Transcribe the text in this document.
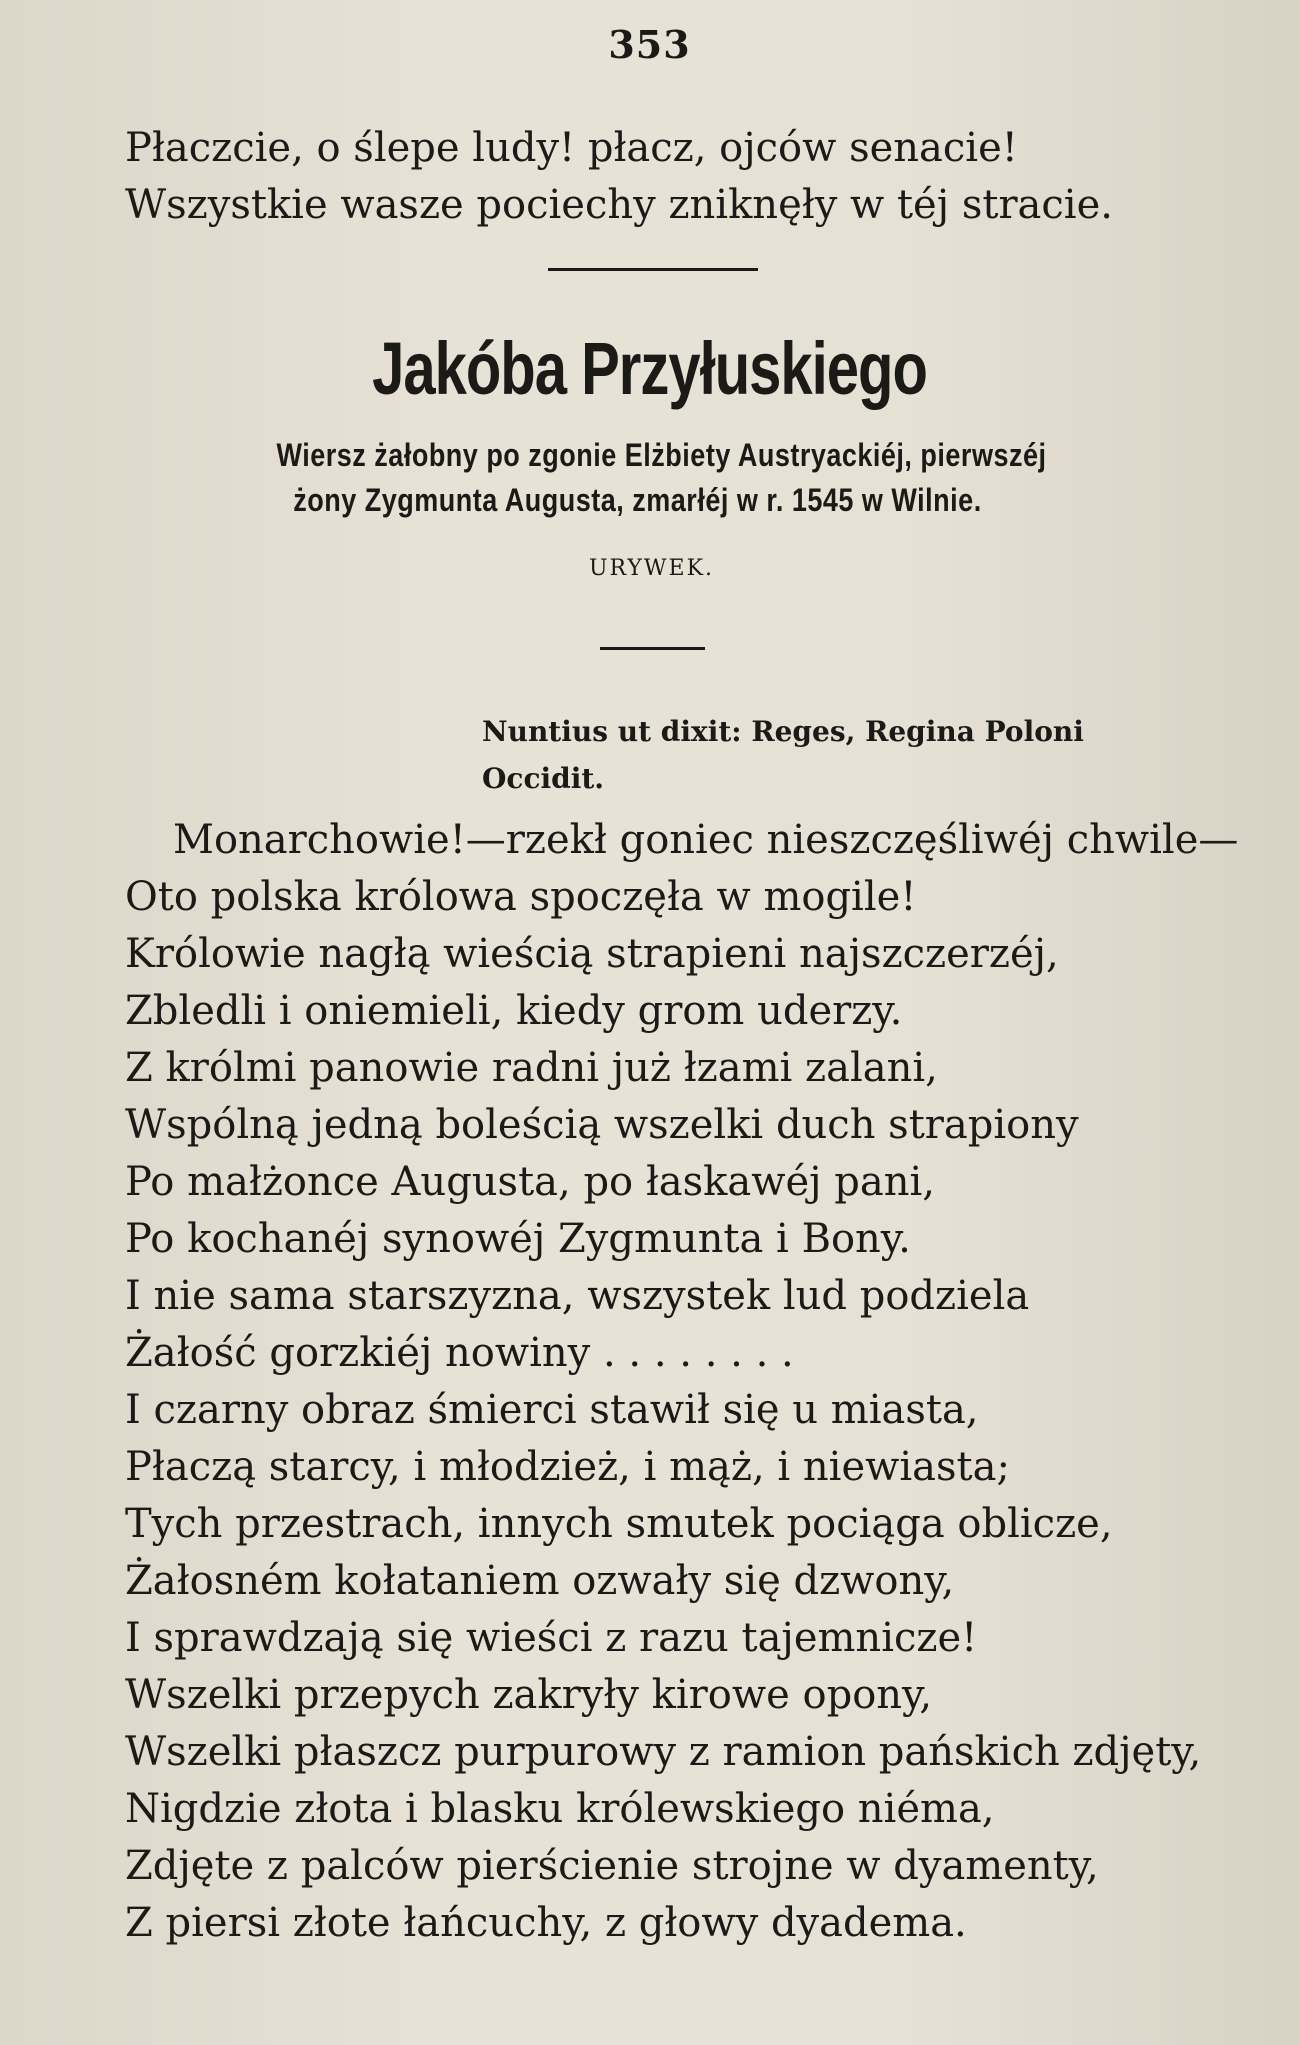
353
Płaczcie, o ślepe ludy! płacz, ojców senacie!
Wszystkie wasze pociechy zniknęły w téj stracie.
Jakóba Przyłuskiego
Wiersz żałobny po zgonie Elżbiety Austryackiéj, pierwszéj
żony Zygmunta Augusta, zmarłéj w r. 1545 w Wilnie.
URYWEK.
Nuntius ut dixit: Reges, Regina Poloni
Occidit.
Monarchowie!—rzekł goniec nieszczęśliwéj chwile—
Oto polska królowa spoczęła w mogile!
Królowie nagłą wieścią strapieni najszczerzéj,
Zbledli i oniemieli, kiedy grom uderzy.
Z królmi panowie radni już łzami zalani,
Wspólną jedną boleścią wszelki duch strapiony
Po małżonce Augusta, po łaskawéj pani,
Po kochanéj synowéj Zygmunta i Bony.
I nie sama starszyzna, wszystek lud podziela
Żałość gorzkiéj nowiny . . . . . . . .
I czarny obraz śmierci stawił się u miasta,
Płaczą starcy, i młodzież, i mąż, i niewiasta;
Tych przestrach, innych smutek pociąga oblicze,
Żałosném kołataniem ozwały się dzwony,
I sprawdzają się wieści z razu tajemnicze!
Wszelki przepych zakryły kirowe opony,
Wszelki płaszcz purpurowy z ramion pańskich zdjęty,
Nigdzie złota i blasku królewskiego niéma,
Zdjęte z palców pierścienie strojne w dyamenty,
Z piersi złote łańcuchy, z głowy dyadema.
